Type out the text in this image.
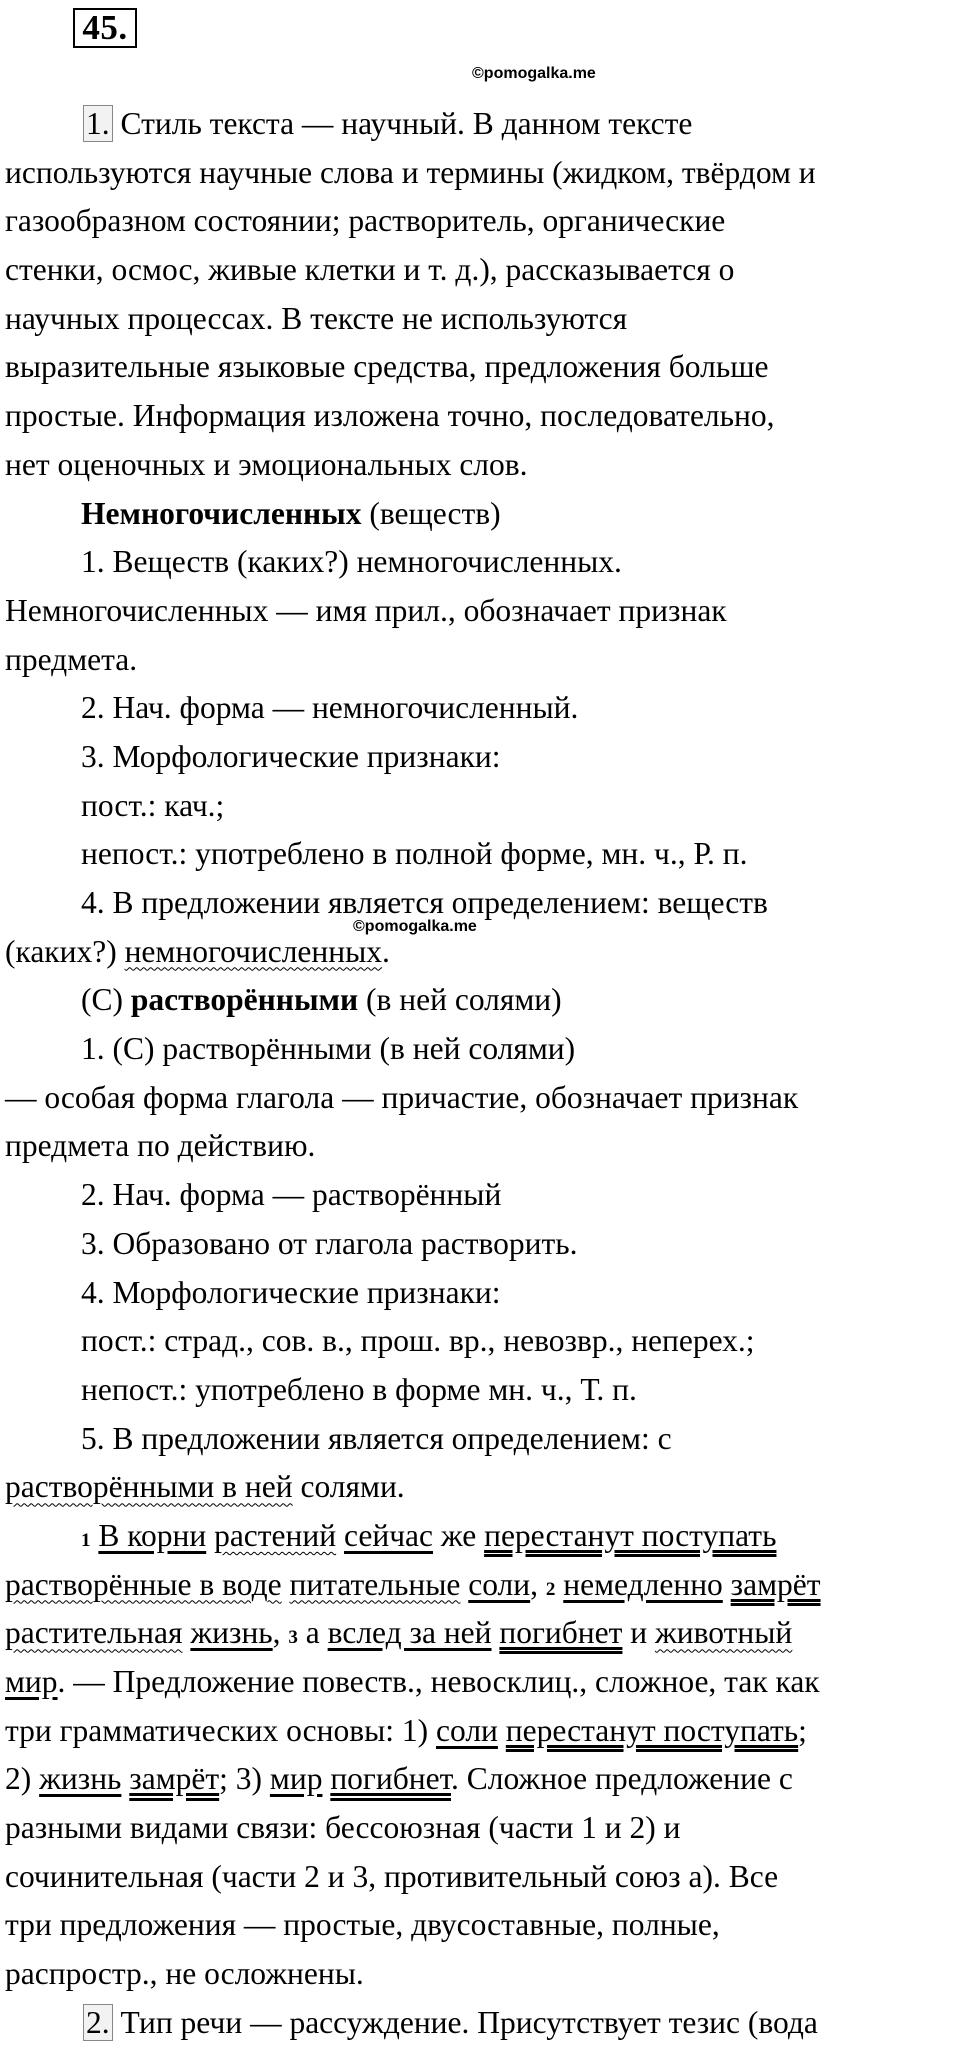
45.
©pomogalka.me
©pomogalka.me
1. Стиль текста — научный. В данном тексте
используются научные слова и термины (жидком, твёрдом и
газообразном состоянии; растворитель, органические
стенки, осмос, живые клетки и т. д.), рассказывается о
научных процессах. В тексте не используются
выразительные языковые средства, предложения больше
простые. Информация изложена точно, последовательно,
нет оценочных и эмоциональных слов.
Немногочисленных (веществ)
1. Веществ (каких?) немногочисленных.
Немногочисленных — имя прил., обозначает признак
предмета.
2. Нач. форма — немногочисленный.
3. Морфологические признаки:
пост.: кач.;
непост.: употреблено в полной форме, мн. ч., Р. п.
4. В предложении является определением: веществ
(каких?) немногочисленных.
(С) растворёнными (в ней солями)
1. (С) растворёнными (в ней солями)
— особая форма глагола — причастие, обозначает признак
предмета по действию.
2. Нач. форма — растворённый
3. Образовано от глагола растворить.
4. Морфологические признаки:
пост.: страд., сов. в., прош. вр., невозвр., неперех.;
непост.: употреблено в форме мн. ч., Т. п.
5. В предложении является определением: с
растворёнными в ней солями.
1 В корни растений сейчас же перестанут поступать
растворённые в воде питательные соли, 2 немедленно замрёт
растительная жизнь, 3 а вслед за ней погибнет и животный
мир. — Предложение повеств., невосклиц., сложное, так как
три грамматических основы: 1) соли перестанут поступать;
2) жизнь замрёт; 3) мир погибнет. Сложное предложение с
разными видами связи: бессоюзная (части 1 и 2) и
сочинительная (части 2 и 3, противительный союз а). Все
три предложения — простые, двусоставные, полные,
распростр., не осложнены.
2. Тип речи — рассуждение. Присутствует тезис (вода
